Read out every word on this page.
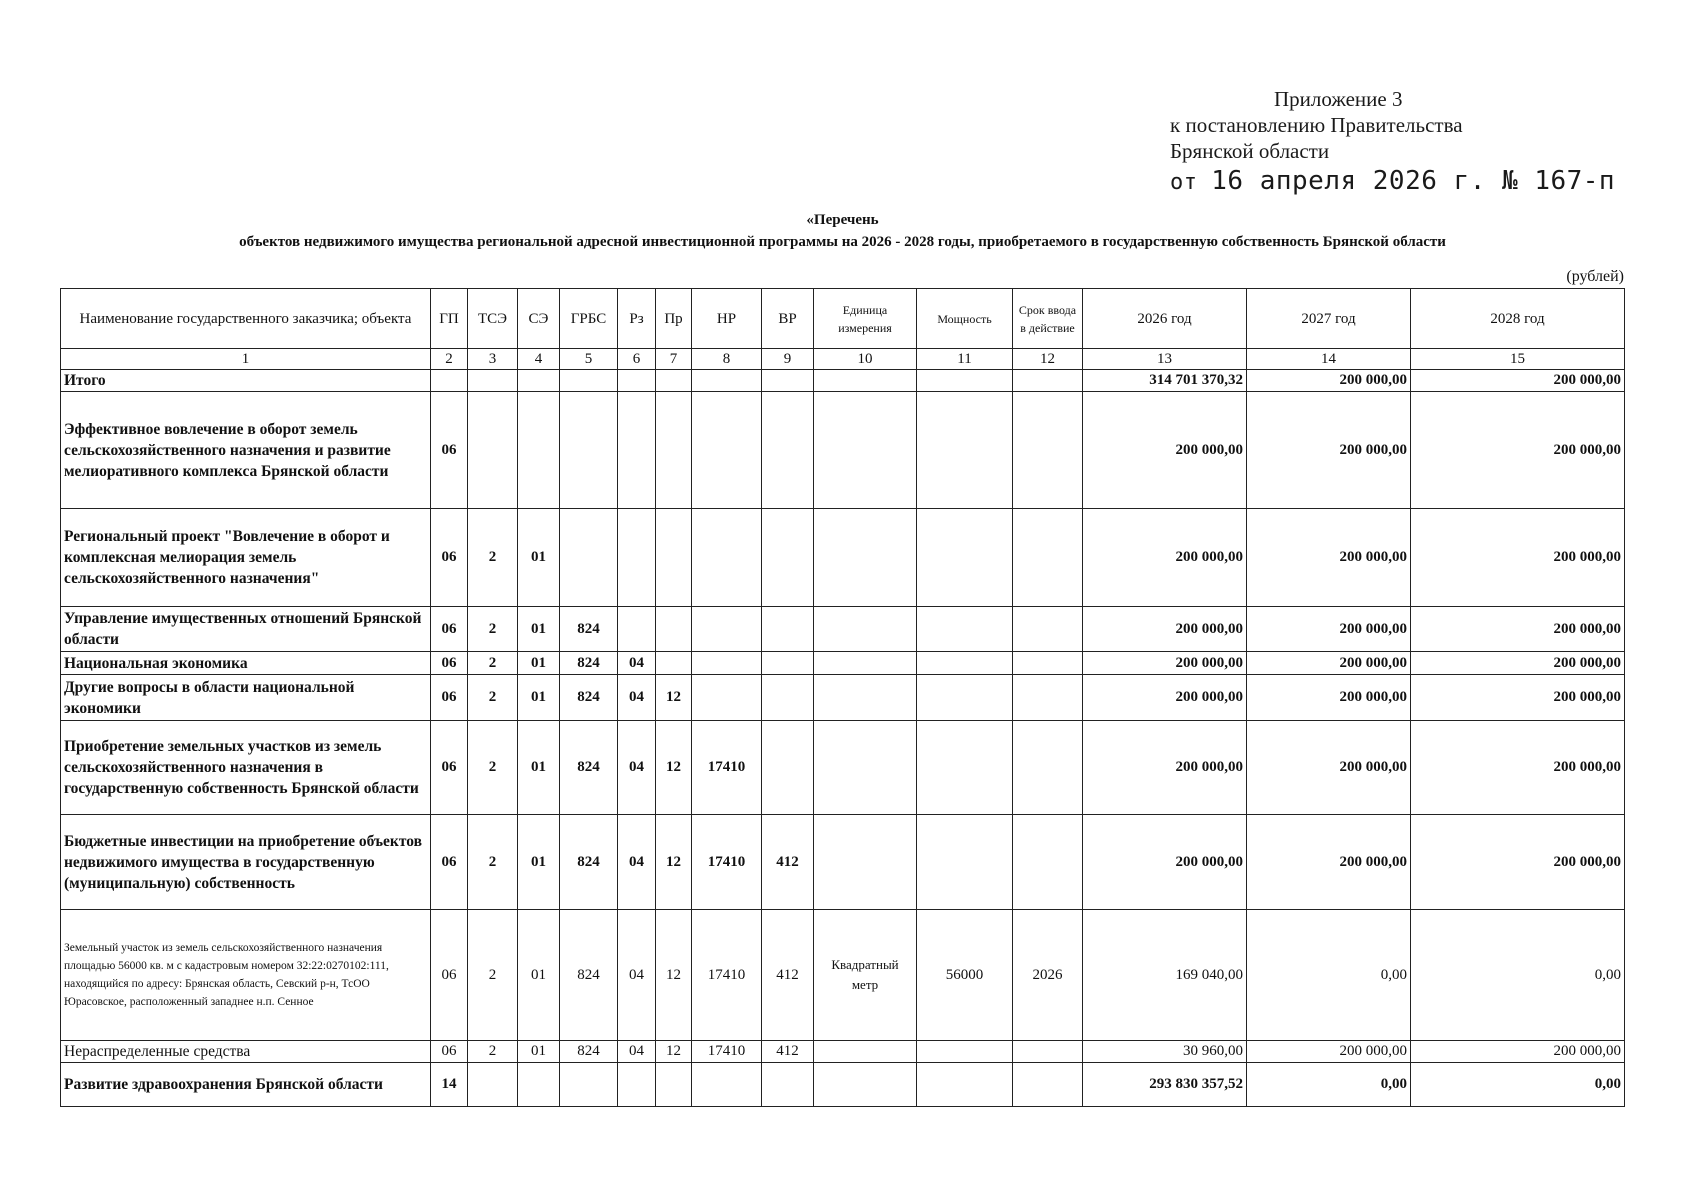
Приложение 3
к постановлению Правительства
Брянской области
от 16 апреля 2026 г. № 167-п
«Перечень
объектов недвижимого имущества региональной адресной инвестиционной программы на 2026 - 2028 годы, приобретаемого в государственную собственность Брянской области
(рублей)
Наименование государственного заказчика; объекта	ГП	ТСЭ	СЭ	ГРБС	Рз	Пр	НР	ВР	Единица измерения	Мощность	Срок ввода в действие	2026 год	2027 год	2028 год
1	2	3	4	5	6	7	8	9	10	11	12	13	14	15
Итого												314 701 370,32	200 000,00	200 000,00
Эффективное вовлечение в оборот земель сельскохозяйственного назначения и развитие мелиоративного комплекса Брянской области	06											200 000,00	200 000,00	200 000,00
Региональный проект "Вовлечение в оборот и комплексная мелиорация земель сельскохозяйственного назначения"	06	2	01									200 000,00	200 000,00	200 000,00
Управление имущественных отношений Брянской области	06	2	01	824								200 000,00	200 000,00	200 000,00
Национальная экономика	06	2	01	824	04							200 000,00	200 000,00	200 000,00
Другие вопросы в области национальной экономики	06	2	01	824	04	12						200 000,00	200 000,00	200 000,00
Приобретение земельных участков из земель сельскохозяйственного назначения в государственную собственность Брянской области	06	2	01	824	04	12	17410					200 000,00	200 000,00	200 000,00
Бюджетные инвестиции на приобретение объектов недвижимого имущества в государственную (муниципальную) собственность	06	2	01	824	04	12	17410	412				200 000,00	200 000,00	200 000,00
Земельный участок из земель сельскохозяйственного назначения площадью 56000 кв. м с кадастровым номером 32:22:0270102:111, находящийся по адресу: Брянская область, Севский р-н, ТсОО Юрасовское, расположенный западнее н.п. Сенное	06	2	01	824	04	12	17410	412	Квадратный метр	56000	2026	169 040,00	0,00	0,00
Нераспределенные средства	06	2	01	824	04	12	17410	412				30 960,00	200 000,00	200 000,00
Развитие здравоохранения Брянской области	14											293 830 357,52	0,00	0,00
